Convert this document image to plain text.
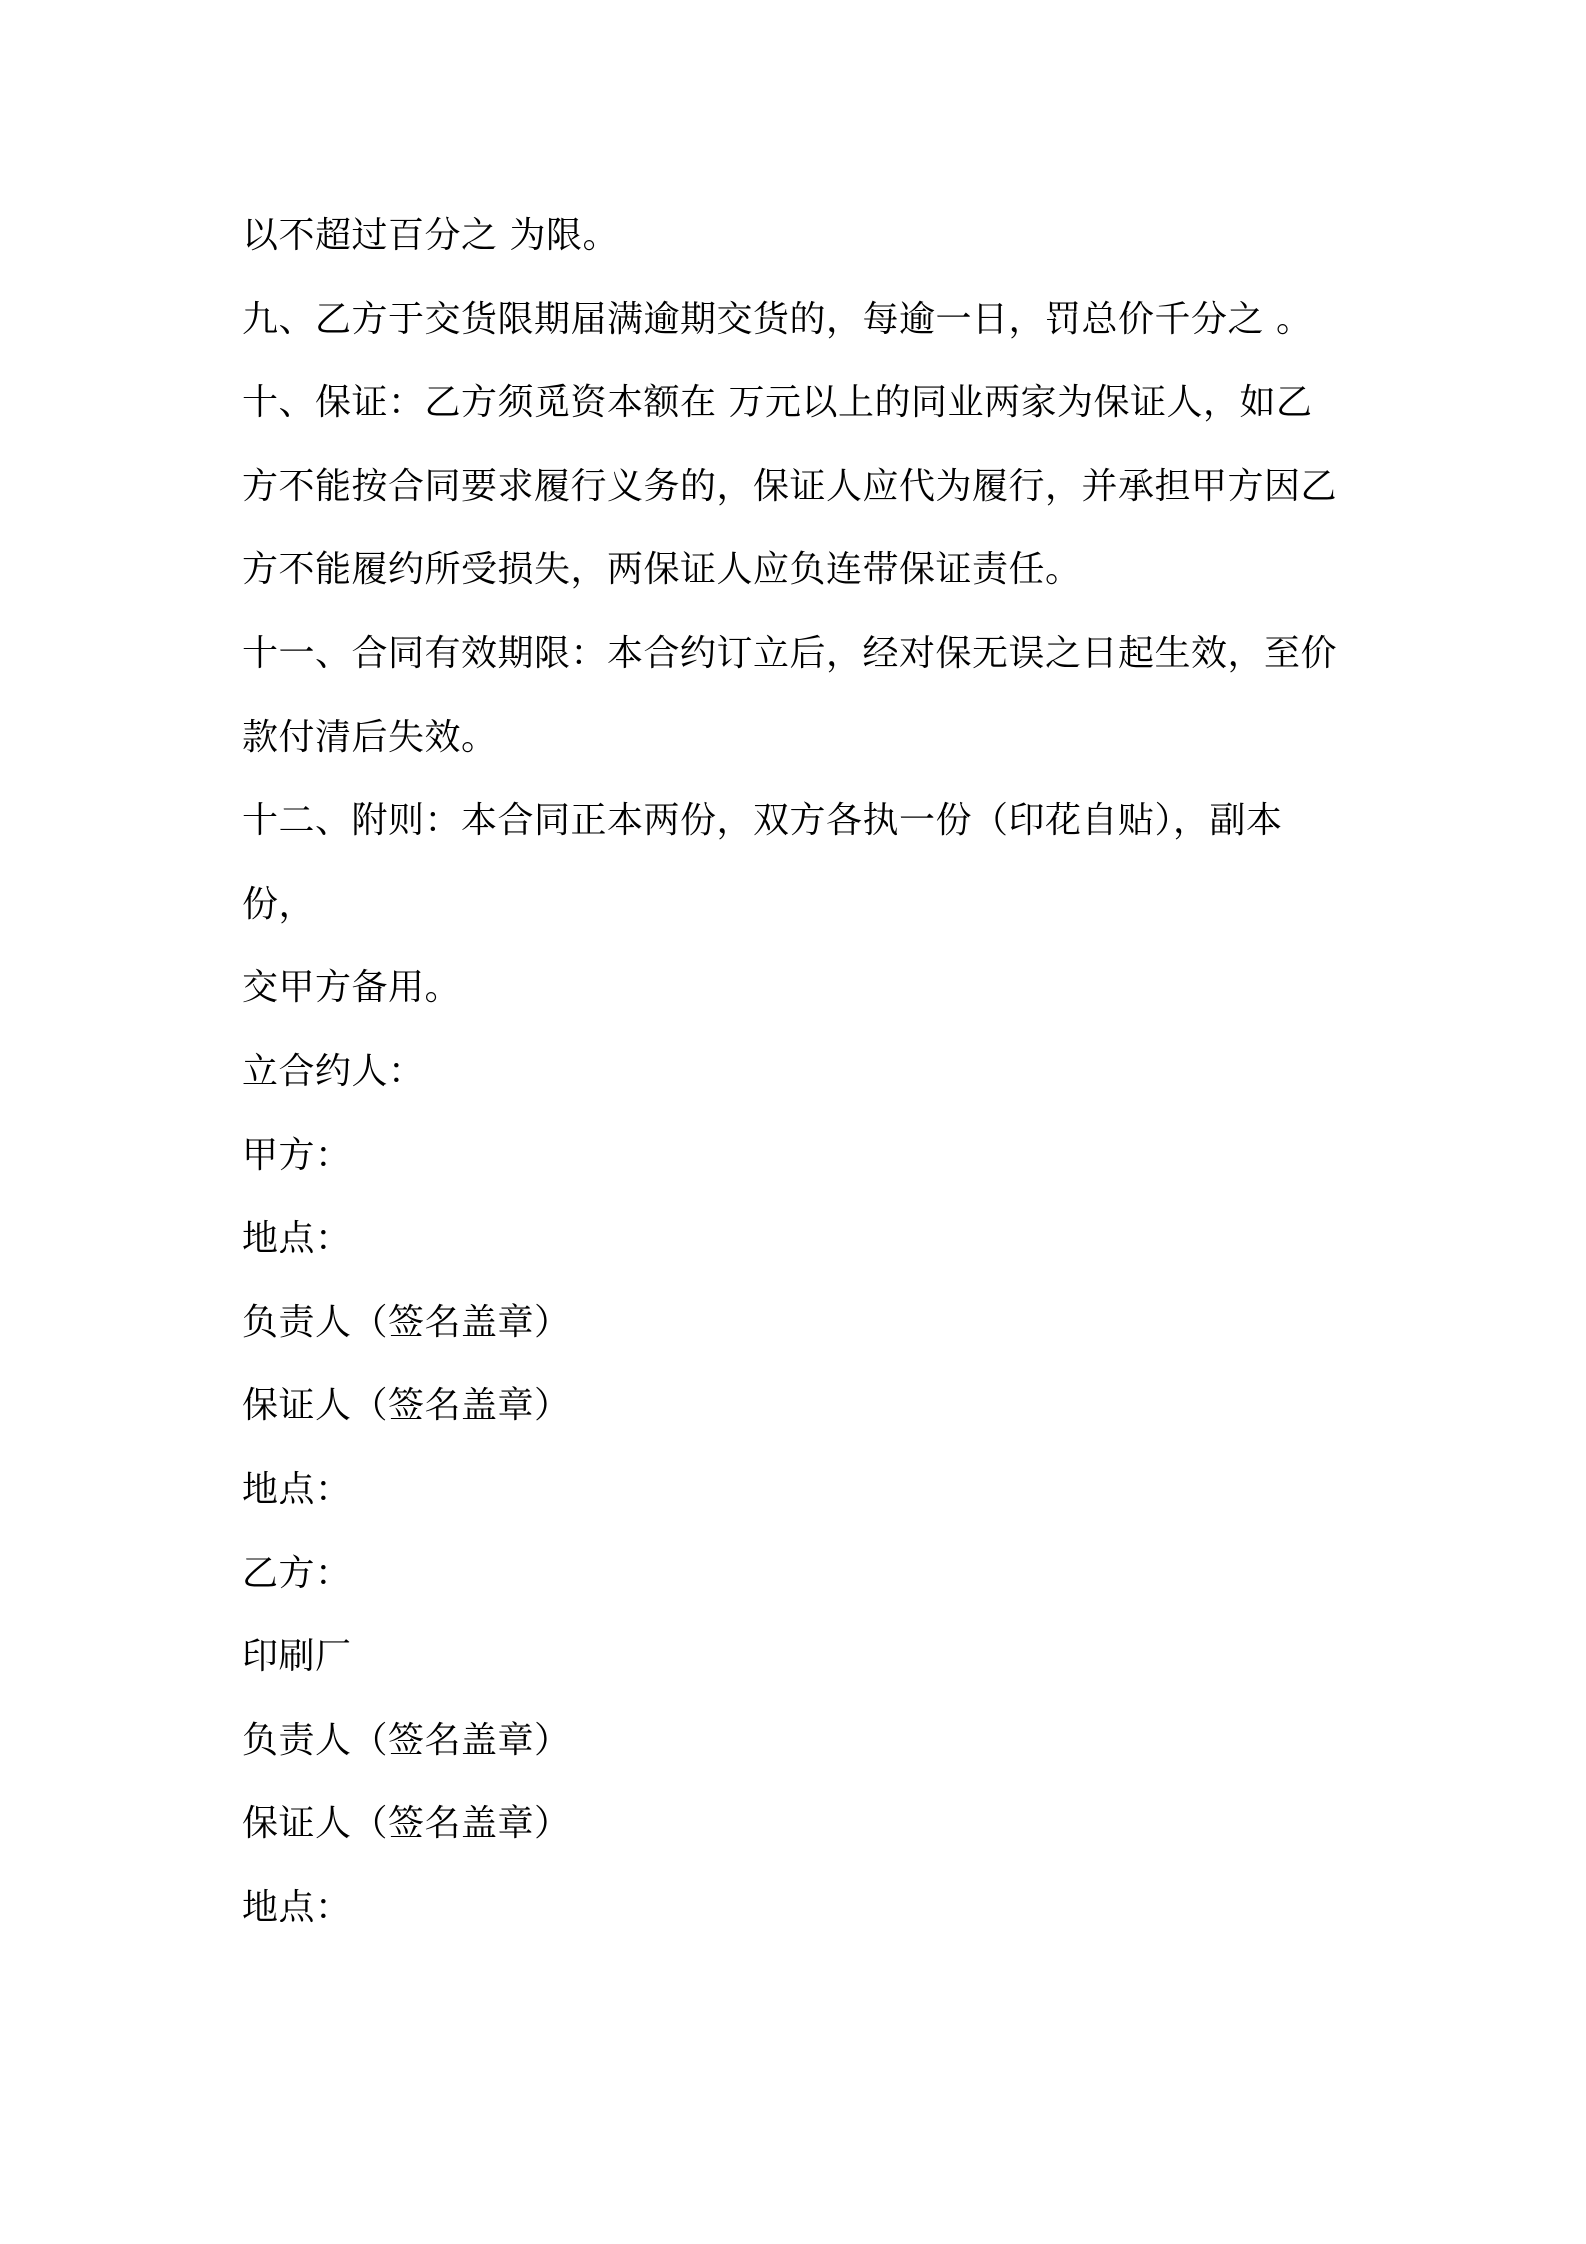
以不超过百分之 为限。

九、乙方于交货限期届满逾期交货的，每逾一日，罚总价千分之 。

十、保证：乙方须觅资本额在 万元以上的同业两家为保证人，如乙

方不能按合同要求履行义务的，保证人应代为履行，并承担甲方因乙

方不能履约所受损失，两保证人应负连带保证责任。

十一、合同有效期限：本合约订立后，经对保无误之日起生效，至价

款付清后失效。

十二、附则：本合同正本两份，双方各执一份（印花自贴），副本 份，

交甲方备用。

立合约人：

甲方：

地点：

负责人（签名盖章）

保证人（签名盖章）

地点：

乙方：

印刷厂

负责人（签名盖章）

保证人（签名盖章）

地点：
